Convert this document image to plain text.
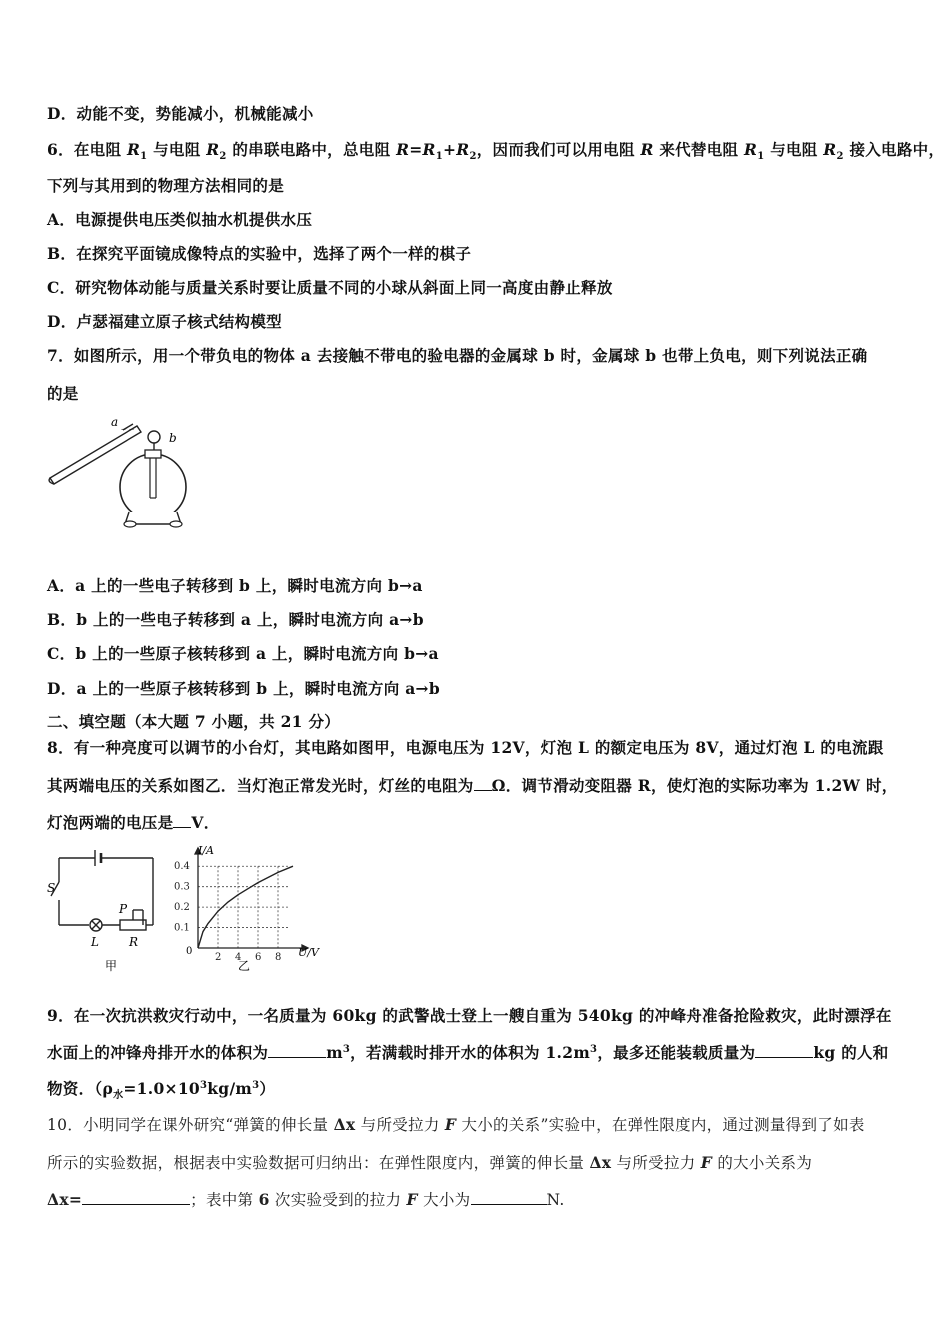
D．动能不变，势能减小，机械能减小
6．在电阻 $R_1$ 与电阻 $R_2$ 的串联电路中，总电阻 $R=R_1+R_2$，因而我们可以用电阻 R 来代替电阻 $R_1$ 与电阻 $R_2$ 接入电路中，
下列与其用到的物理方法相同的是
A．电源提供电压类似抽水机提供水压
B．在探究平面镜成像特点的实验中，选择了两个一样的棋子
C．研究物体动能与质量关系时要让质量不同的小球从斜面上同一高度由静止释放
D．卢瑟福建立原子核式结构模型
7．如图所示，用一个带负电的物体 a 去接触不带电的验电器的金属球 b 时，金属球 b 也带上负电，则下列说法正确
的是
a
– –
b
A．a 上的一些电子转移到 b 上，瞬时电流方向 b→a
B．b 上的一些电子转移到 a 上，瞬时电流方向 a→b
C．b 上的一些原子核转移到 a 上，瞬时电流方向 b→a
D．a 上的一些原子核转移到 b 上，瞬时电流方向 a→b
二、填空题（本大题 7 小题，共 21 分）
8．有一种亮度可以调节的小台灯，其电路如图甲，电源电压为 12V，灯泡 L 的额定电压为 8V，通过灯泡 L 的电流跟
其两端电压的关系如图乙．当灯泡正常发光时，灯丝的电阻为 Ω．调节滑动变阻器 R，使灯泡的实际功率为 1.2W 时，
灯泡两端的电压是 V．
S
P
L	R
甲
2 4 6 8
0.1
0.2
0.3
0.4
I/A
U/V
0
乙
9．在一次抗洪救灾行动中，一名质量为 60kg 的武警战士登上一艘自重为 540kg 的冲峰舟准备抢险救灾，此时漂浮在
水面上的冲锋舟排开水的体积为	$m^3$，若满载时排开水的体积为 $1.2m^3$，最多还能装载质量为	kg 的人和
物资．$(\rho_水=1.0\times 10^3kg/m^3)$
10．小明同学在课外研究“弹簧的伸长量 Δx 与所受拉力 F 大小的关系”实验中，在弹性限度内，通过测量得到了如表
所示的实验数据，根据表中实验数据可归纳出：在弹性限度内，弹簧的伸长量 Δx 与所受拉力 F 的大小关系为
Δx=	；表中第 6 次实验受到的拉力 F 大小为	N.
